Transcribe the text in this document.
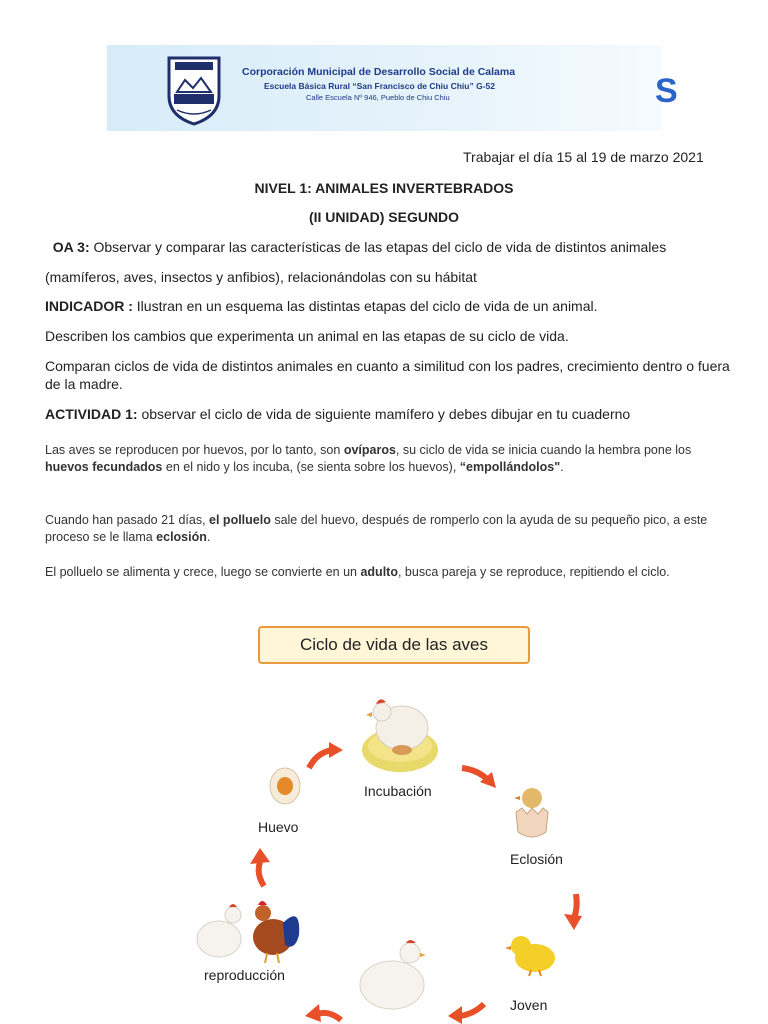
Corporación Municipal de Desarrollo Social de Calama
Escuela Básica Rural “San Francisco de Chiu Chiu” G-52
Calle Escuela Nº 946, Pueblo de Chiu Chiu	S
Trabajar el día 15 al 19 de marzo 2021
NIVEL 1: ANIMALES INVERTEBRADOS
(II UNIDAD) SEGUNDO
OA 3: Observar y comparar las características de las etapas del ciclo de vida de distintos animales
(mamíferos, aves, insectos y anfibios), relacionándolas con su hábitat
INDICADOR : Ilustran en un esquema las distintas etapas del ciclo de vida de un animal.
Describen los cambios que experimenta un animal en las etapas de su ciclo de vida.
Comparan ciclos de vida de distintos animales en cuanto a similitud con los padres, crecimiento dentro o fuera de la madre.
ACTIVIDAD 1: observar el ciclo de vida de siguiente mamífero y debes dibujar en tu cuaderno
Las aves se reproducen por huevos, por lo tanto, son ovíparos, su ciclo de vida se inicia cuando la hembra pone los huevos fecundados en el nido y los incuba, (se sienta sobre los huevos), “empollándolos".
Cuando han pasado 21 días, el polluelo sale del huevo, después de romperlo con la ayuda de su pequeño pico, a este proceso se le llama eclosión.
El polluelo se alimenta y crece, luego se convierte en un adulto, busca pareja y se reproduce, repitiendo el ciclo.
Ciclo de vida de las aves
Incubación
Huevo
Eclosión
Joven
reproducción
